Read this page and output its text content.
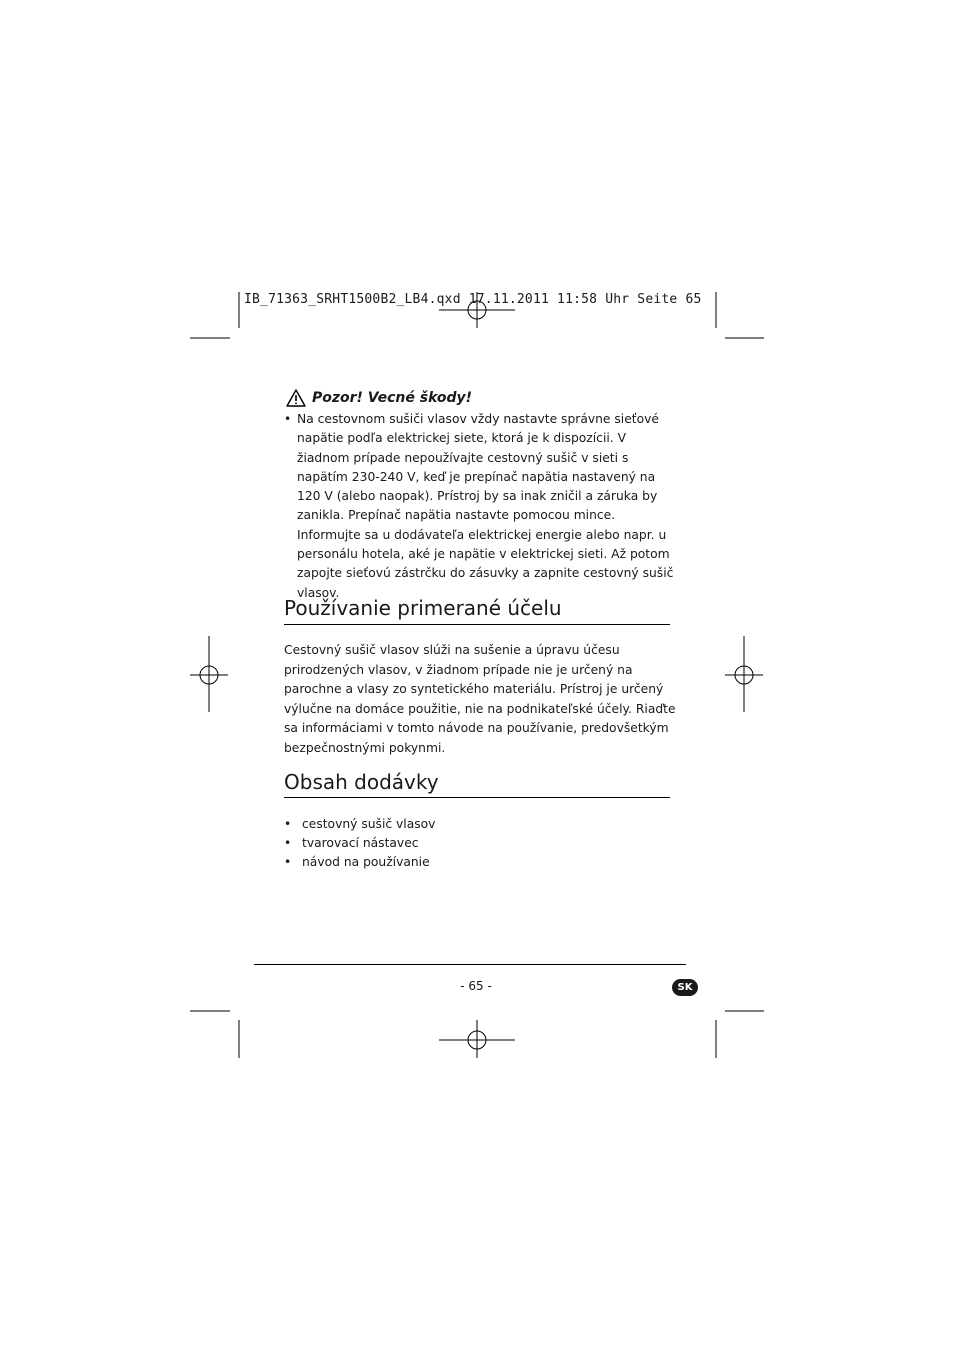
IB_71363_SRHT1500B2_LB4.qxd 17.11.2011 11:58 Uhr Seite 65
Pozor! Vecné škody!
• Na cestovnom sušiči vlasov vždy nastavte správne sieťové napätie podľa elektrickej siete, ktorá je k dispozícii. V žiadnom prípade nepoužívajte cestovný sušič v sieti s napätím 230-240 V, keď je prepínač napätia nastavený na 120 V (alebo naopak). Prístroj by sa inak zničil a záruka by zanikla. Prepínač napätia nastavte pomocou mince. Informujte sa u dodávateľa elektrickej energie alebo napr. u personálu hotela, aké je napätie v elektrickej sieti. Až potom zapojte sieťovú zástrčku do zásuvky a zapnite cestovný sušič vlasov.
Používanie primerané účelu
Cestovný sušič vlasov slúži na sušenie a úpravu účesu prirodzených vlasov, v žiadnom prípade nie je určený na parochne a vlasy zo syntetického materiálu. Prístroj je určený výlučne na domáce použitie, nie na podnikateľské účely. Riaďte sa informáciami v tomto návode na používanie, predovšetkým bezpečnostnými pokynmi.
Obsah dodávky
• cestovný sušič vlasov
• tvarovací nástavec
• návod na používanie
- 65 -	SK
